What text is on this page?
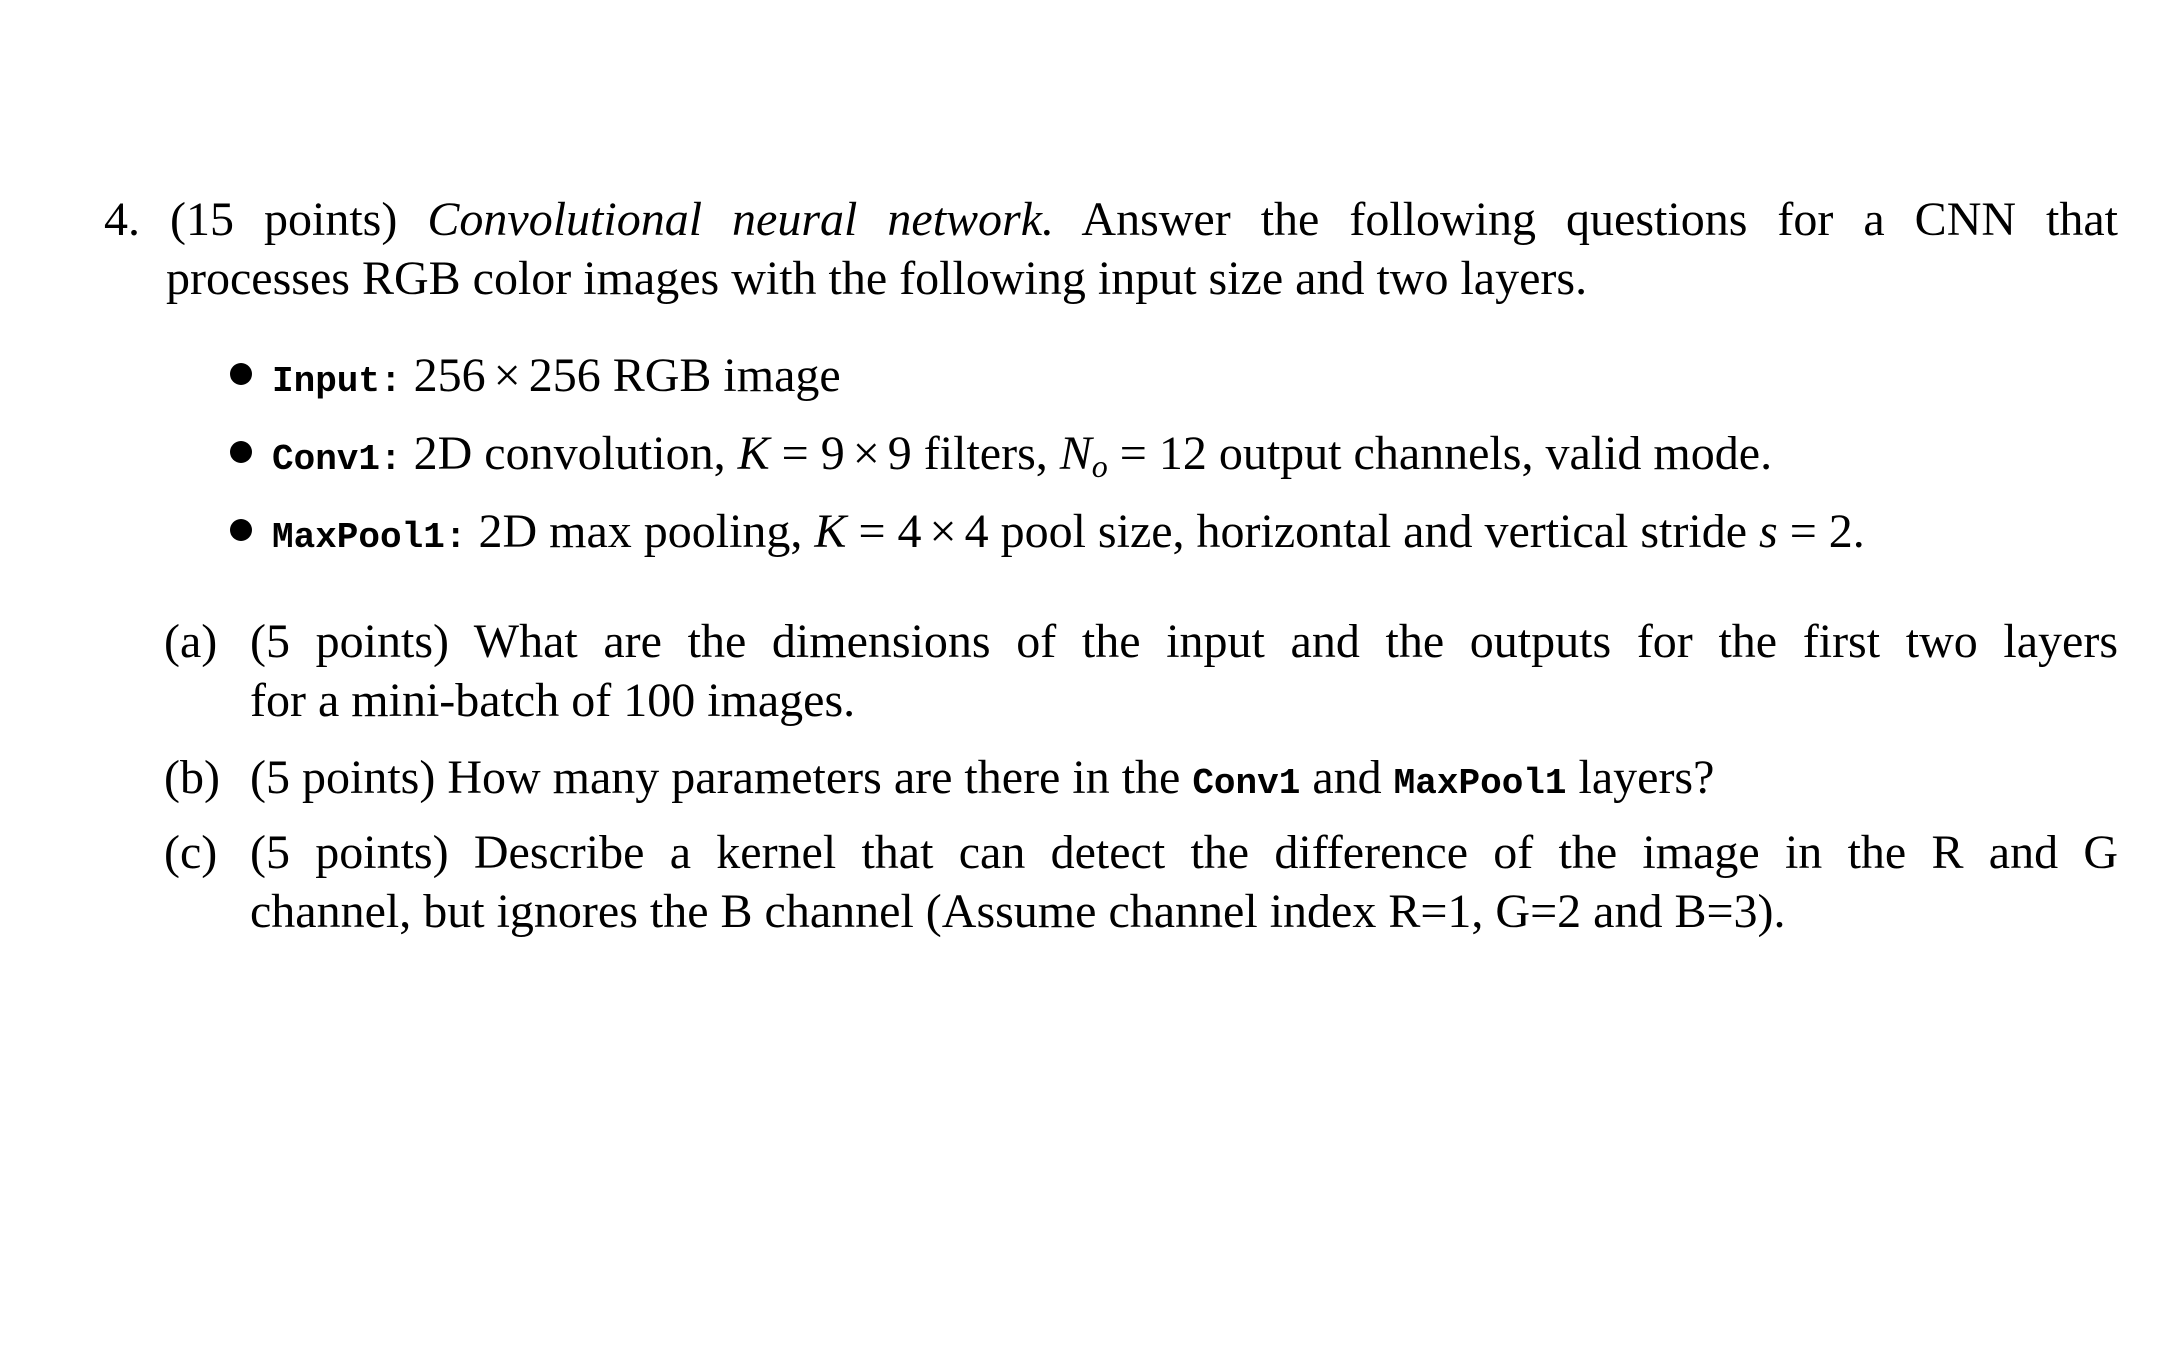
4. (15 points) Convolutional neural network. Answer the following questions for a CNN that
processes RGB color images with the following input size and two layers.
Input: 256 × 256 RGB image
Conv1: 2D convolution, K = 9 × 9 filters, $N_o = 12$ output channels, valid mode.
MaxPool1: 2D max pooling, K = 4 × 4 pool size, horizontal and vertical stride s = 2.
(a) (5 points) What are the dimensions of the input and the outputs for the first two layers
for a mini-batch of 100 images.
(b) (5 points) How many parameters are there in the Conv1 and MaxPool1 layers?
(c) (5 points) Describe a kernel that can detect the difference of the image in the R and G
channel, but ignores the B channel (Assume channel index R=1, G=2 and B=3).
